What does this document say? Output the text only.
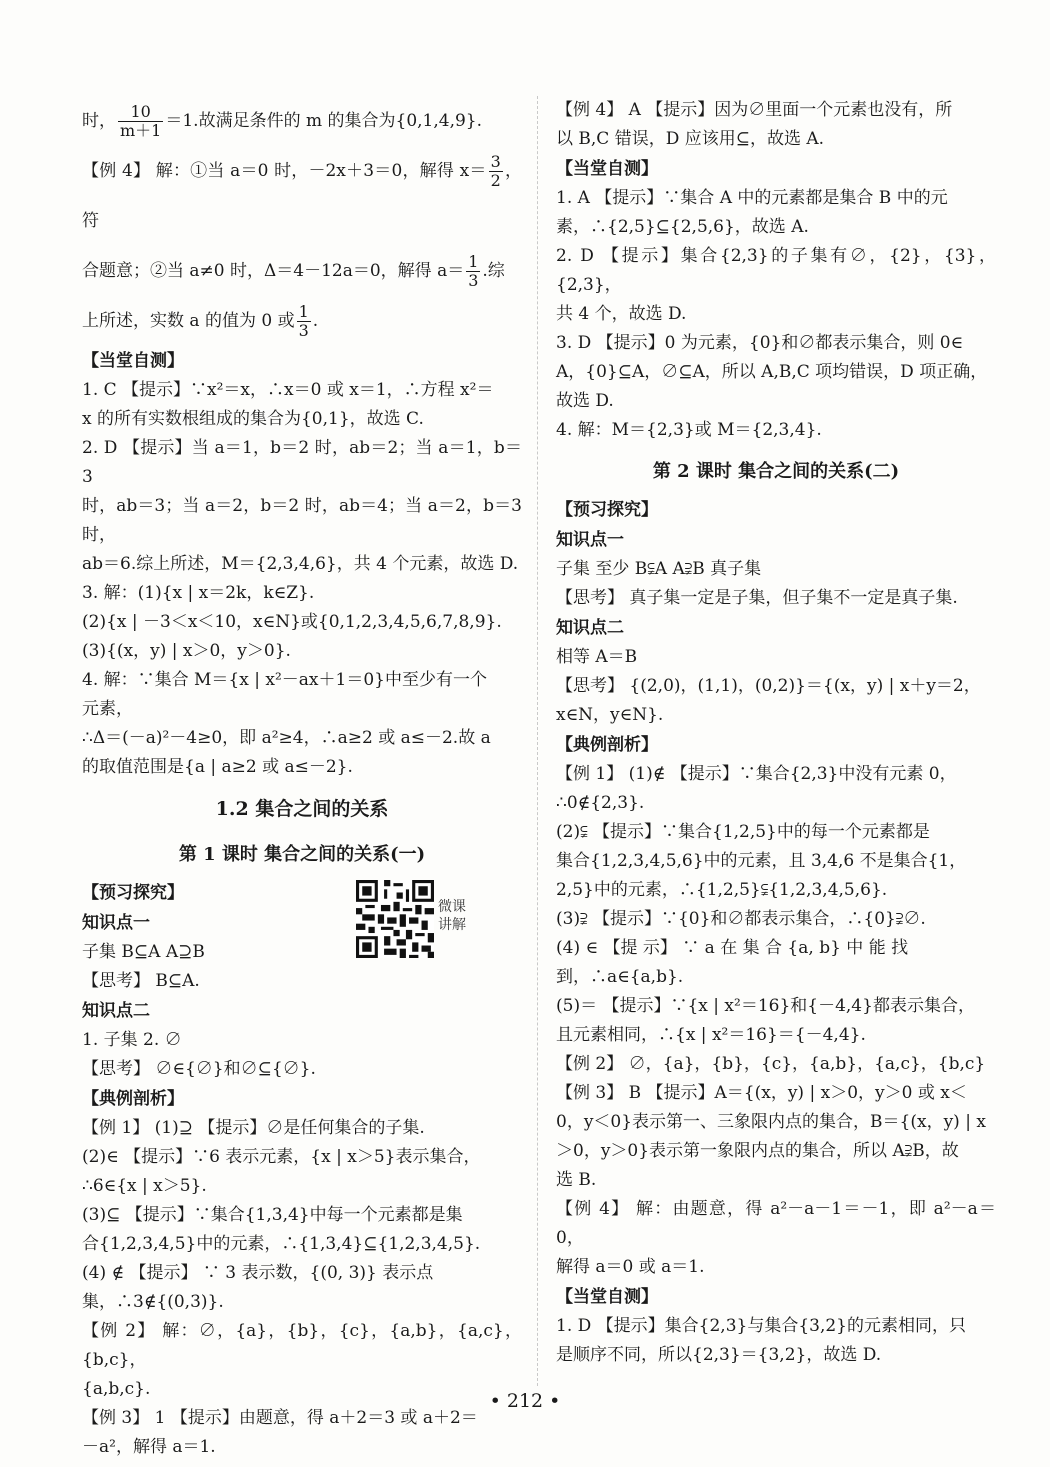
时， $\frac{10}{m+1} =1$.故满足条件的 m 的集合为{0,1,4,9}.

【例 4】 解：①当 a＝0 时，－2x＋3＝0，解得 $x= \frac{3}{2}$ ，符

合题意；②当 a≠0 时，Δ＝4－12a＝0，解得 $a= \frac{1}{3}$ .综

上所述，实数 a 的值为 0 或 $\frac{1}{3}$ .

【当堂自测】

1. C 【提示】∵x²＝x，∴x＝0 或 x＝1，∴方程 x²＝

x 的所有实数根组成的集合为{0,1}，故选 C.

2. D 【提示】当 a＝1，b＝2 时，ab＝2；当 a＝1，b＝3

时，ab＝3；当 a＝2，b＝2 时，ab＝4；当 a＝2，b＝3 时，

ab＝6.综上所述，M＝{2,3,4,6}，共 4 个元素，故选 D.

3. 解：(1){x | x＝2k，k∈Z}.

(2){x | －3＜x＜10，x∈N}或{0,1,2,3,4,5,6,7,8,9}.

(3){(x，y) | x＞0，y＞0}.

4. 解：∵集合 M＝{x | x²－ax＋1＝0}中至少有一个

元素，

∴Δ＝(－a)²－4≥0，即 a²≥4，∴a≥2 或 a≤－2.故 a

的取值范围是{a | a≥2 或 a≤－2}.

1.2 集合之间的关系

第 1 课时 集合之间的关系(一)

【预习探究】

知识点一

子集 B⊆A A⊇B

【思考】 B⊆A.

知识点二

1. 子集 2. ∅

【思考】 ∅∈{∅}和∅⊆{∅}.

【典例剖析】

【例 1】 (1)⊇ 【提示】∅是任何集合的子集.

(2)∈ 【提示】∵6 表示元素，{x | x＞5}表示集合，

∴6∈{x | x＞5}.

(3)⊆ 【提示】∵集合{1,3,4}中每一个元素都是集

合{1,2,3,4,5}中的元素，∴{1,3,4}⊆{1,2,3,4,5}.

(4) ∉ 【提示】 ∵ 3 表示数，{(0, 3)} 表示点

集，∴3∉{(0,3)}.

【例 2】 解：∅，{a}，{b}，{c}，{a,b}，{a,c}，{b,c}，

{a,b,c}.

【例 3】 1 【提示】由题意，得 a＋2＝3 或 a＋2＝

－a²，解得 a＝1.

微课讲解

【例 4】 A 【提示】因为∅里面一个元素也没有，所

以 B,C 错误，D 应该用⊆，故选 A.

【当堂自测】

1. A 【提示】∵集合 A 中的元素都是集合 B 中的元

素，∴{2,5}⊆{2,5,6}，故选 A.

2. D 【提示】集合{2,3}的子集有∅，{2}，{3}，{2,3}，

共 4 个，故选 D.

3. D 【提示】0 为元素，{0}和∅都表示集合，则 0∈

A，{0}⊆A，∅⊆A，所以 A,B,C 项均错误，D 项正确，

故选 D.

4. 解：M＝{2,3}或 M＝{2,3,4}.

第 2 课时 集合之间的关系(二)

【预习探究】

知识点一

子集 至少 B⫋A A⫌B 真子集

【思考】 真子集一定是子集，但子集不一定是真子集.

知识点二

相等 A＝B

【思考】 {(2,0)，(1,1)，(0,2)}＝{(x，y) | x＋y＝2，

x∈N，y∈N}.

【典例剖析】

【例 1】 (1)∉ 【提示】∵集合{2,3}中没有元素 0，

∴0∉{2,3}.

(2)⫋ 【提示】∵集合{1,2,5}中的每一个元素都是

集合{1,2,3,4,5,6}中的元素，且 3,4,6 不是集合{1，

2,5}中的元素，∴{1,2,5}⫋{1,2,3,4,5,6}.

(3)⫌ 【提示】∵{0}和∅都表示集合，∴{0}⫌∅.

(4) ∈ 【提 示】 ∵ a 在 集 合 {a, b} 中 能 找

到，∴a∈{a,b}.

(5)＝ 【提示】∵{x | x²＝16}和{－4,4}都表示集合，

且元素相同，∴{x | x²＝16}＝{－4,4}.

【例 2】 ∅，{a}，{b}，{c}，{a,b}，{a,c}，{b,c}

【例 3】 B 【提示】A＝{(x，y) | x＞0，y＞0 或 x＜

0，y＜0}表示第一、三象限内点的集合，B＝{(x，y) | x

＞0，y＞0}表示第一象限内点的集合，所以 A⫌B，故

选 B.

【例 4】 解：由题意，得 a²－a－1＝－1，即 a²－a＝0，

解得 a＝0 或 a＝1.

【当堂自测】

1. D 【提示】集合{2,3}与集合{3,2}的元素相同，只

是顺序不同，所以{2,3}＝{3,2}，故选 D.

• 212 •
